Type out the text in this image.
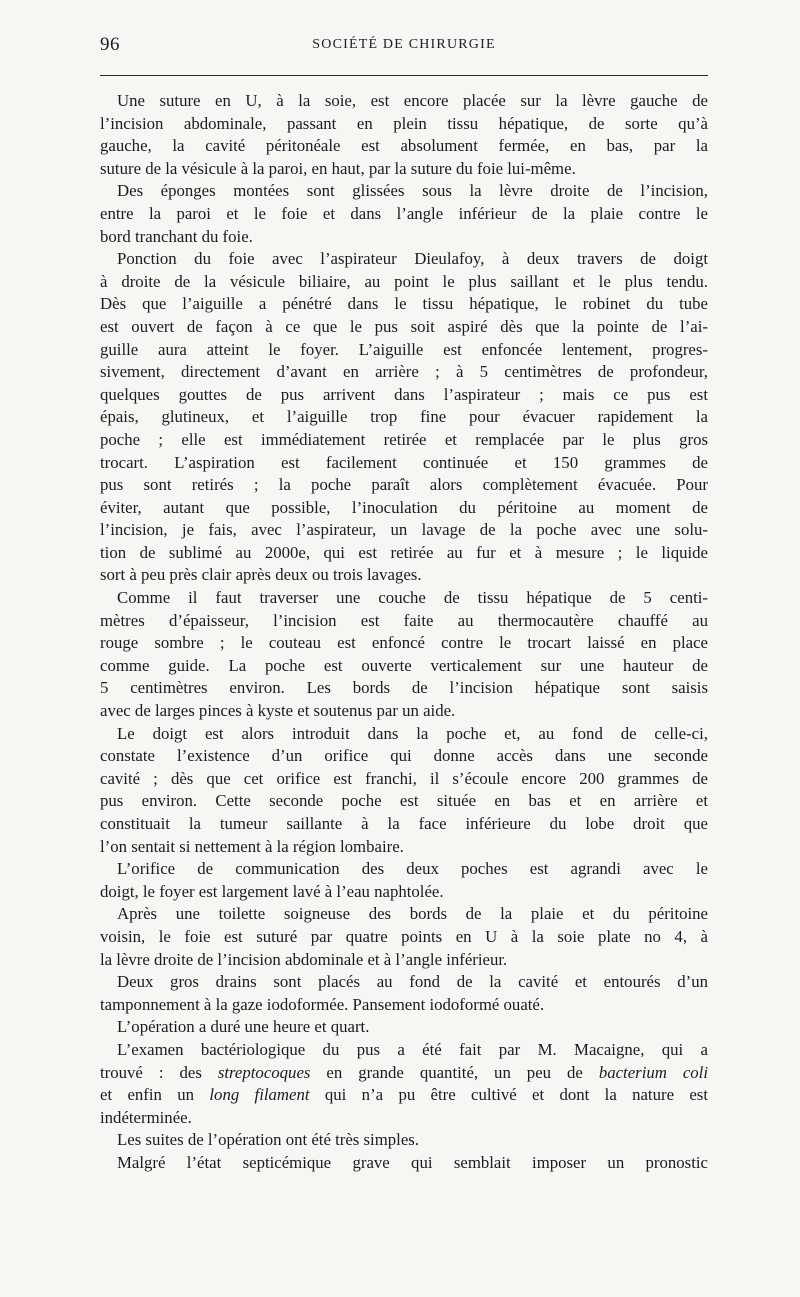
96	SOCIÉTÉ DE CHIRURGIE
Une suture en U, à la soie, est encore placée sur la lèvre gauche de
l’incision abdominale, passant en plein tissu hépatique, de sorte qu’à
gauche, la cavité péritonéale est absolument fermée, en bas, par la
suture de la vésicule à la paroi, en haut, par la suture du foie lui-même.
Des éponges montées sont glissées sous la lèvre droite de l’incision,
entre la paroi et le foie et dans l’angle inférieur de la plaie contre le
bord tranchant du foie.
Ponction du foie avec l’aspirateur Dieulafoy, à deux travers de doigt
à droite de la vésicule biliaire, au point le plus saillant et le plus tendu.
Dès que l’aiguille a pénétré dans le tissu hépatique, le robinet du tube
est ouvert de façon à ce que le pus soit aspiré dès que la pointe de l’ai-
guille aura atteint le foyer. L’aiguille est enfoncée lentement, progres-
sivement, directement d’avant en arrière ; à 5 centimètres de profondeur,
quelques gouttes de pus arrivent dans l’aspirateur ; mais ce pus est
épais, glutineux, et l’aiguille trop fine pour évacuer rapidement la
poche ; elle est immédiatement retirée et remplacée par le plus gros
trocart. L’aspiration est facilement continuée et 150 grammes de
pus sont retirés ; la poche paraît alors complètement évacuée. Pour
éviter, autant que possible, l’inoculation du péritoine au moment de
l’incision, je fais, avec l’aspirateur, un lavage de la poche avec une solu-
tion de sublimé au 2000e, qui est retirée au fur et à mesure ; le liquide
sort à peu près clair après deux ou trois lavages.
Comme il faut traverser une couche de tissu hépatique de 5 centi-
mètres d’épaisseur, l’incision est faite au thermocautère chauffé au
rouge sombre ; le couteau est enfoncé contre le trocart laissé en place
comme guide. La poche est ouverte verticalement sur une hauteur de
5 centimètres environ. Les bords de l’incision hépatique sont saisis
avec de larges pinces à kyste et soutenus par un aide.
Le doigt est alors introduit dans la poche et, au fond de celle-ci,
constate l’existence d’un orifice qui donne accès dans une seconde
cavité ; dès que cet orifice est franchi, il s’écoule encore 200 grammes de
pus environ. Cette seconde poche est située en bas et en arrière et
constituait la tumeur saillante à la face inférieure du lobe droit que
l’on sentait si nettement à la région lombaire.
L’orifice de communication des deux poches est agrandi avec le
doigt, le foyer est largement lavé à l’eau naphtolée.
Après une toilette soigneuse des bords de la plaie et du péritoine
voisin, le foie est suturé par quatre points en U à la soie plate no 4, à
la lèvre droite de l’incision abdominale et à l’angle inférieur.
Deux gros drains sont placés au fond de la cavité et entourés d’un
tamponnement à la gaze iodoformée. Pansement iodoformé ouaté.
L’opération a duré une heure et quart.
L’examen bactériologique du pus a été fait par M. Macaigne, qui a
trouvé : des streptocoques en grande quantité, un peu de bacterium coli
et enfin un long filament qui n’a pu être cultivé et dont la nature est
indéterminée.
Les suites de l’opération ont été très simples.
Malgré l’état septicémique grave qui semblait imposer un pronostic
